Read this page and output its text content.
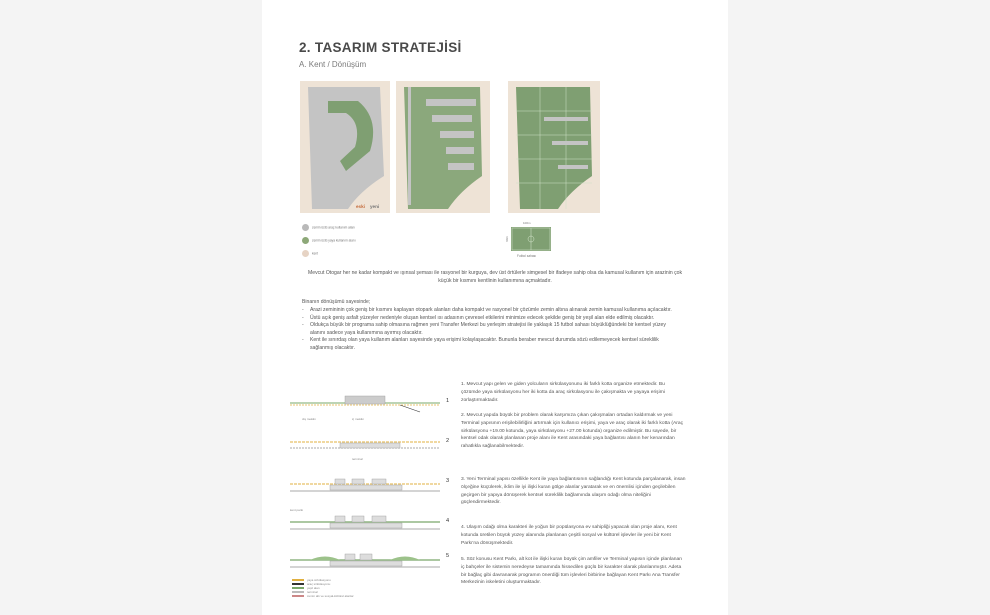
2. TASARIM STRATEJİSİ
A. Kent / Dönüşüm
eski yeni
zemin üstü araç kullanım alanı
zemin üstü yaya kullanım alanı
kent
100m
60m
Futbol sahası
Mevcut Otogar her ne kadar kompakt ve ışınsal şeması ile rasyonel bir kurguya, dev üst örtülerle simgesel bir ifadeye sahip olsa da kamusal kullanım için arazinin çok küçük bir kısmını kentlinin kullanımına açmaktadır.
Binanın dönüşümü sayesinde;
-	Arazi zemininin çok geniş bir kısmını kaplayan otopark alanları daha kompakt ve rasyonel bir çözümle zemin altına alınarak zemin kamusal kullanıma açılacaktır.
-	Üstü açık geniş asfalt yüzeyler nedeniyle oluşan kentsel ısı adasının çevresel etkilerini minimize edecek şekilde geniş bir yeşil alan elde edilmiş olacaktır.
-	Oldukça büyük bir programa sahip olmasına rağmen yeni Transfer Merkezi bu yerleşim stratejisi ile yaklaşık 15 futbol sahası büyüklüğündeki bir kentsel yüzey alanını sadece yaya kullanımına ayırmış olacaktır.
-	Kent ile sınırdaş olan yaya kullanım alanları sayesinde yaya erişimi kolaylaşacaktır. Bununla beraber mevcut durumda sözü edilemeyecek kentsel süreklilik sağlanmış olacaktır.
1
2
3
4
5
dış mekân	iç mekân
terminal
kent parkı
1. Mevcut yapı gelen ve giden yolcuların sirkülasyonunu iki farklı kotta organize etmektedir. Bu çözümde yaya sirkülasyonu her iki kotta da araç sirkülasyonu ile çakışmakta ve yayaya erişimi zorlaştırmaktadır.
2. Mevcut yapıda büyük bir problem olarak karşımıza çıkan çakışmaları ortadan kaldırmak ve yeni Terminal yapısının erişilebilirliğini artırmak için kullanıcı erişimi, yaya ve araç olarak iki farklı kotta (Araç sirkülasyonu +19.00 kotunda, yaya sirkülasyonu +27.00 kotunda) organize edilmiştir. Bu sayede, bir kentsel odak olarak planlanan proje alanı ile Kent arasındaki yaya bağlantısı alanın her kenarından rahatlıkla sağlanabilmektedir.
3. Yeni Terminal yapısı özellikle Kent ile yaya bağlantısının sağlandığı Kent kotunda parçalanarak, insan ölçeğine küçülerek, iklim ile iyi ilişki kuran gölge alanlar yaratarak ve en önemlisi içinden geçilebilen geçirgen bir yapıya dönüşerek kentsel süreklilik bağlamında ulaşım odağı olma niteliğini güçlendirmektedir.
4. Ulaşım odağı olma karakteri ile yoğun bir popülasyona ev sahipliği yapacak olan proje alanı, Kent kotunda üretilen büyük yüzey alanında planlanan çeşitli sosyal ve kültürel işlevler ile yeni bir Kent Parkı'na dönüşmektedir.
5. Söz konusu Kent Parkı, alt kot ile ilişki kuran büyük çim amfiler ve Terminal yapısın içinde planlanan iç bahçeler ile sistemin neredeyse tamamında hissedilen güçlü bir karakter olarak planlanmıştır. Adeta bir bağlaç gibi davranarak programın önerdiği tüm işlevleri birbirine bağlayan Kent Parkı Ana Transfer Merkezinin iskeletini oluşturmaktadır.
yaya sirkülasyonu
araç sirkülasyonu
yeşil alan
terminal
zemin altı ve sosyal-kültürel alanlar
